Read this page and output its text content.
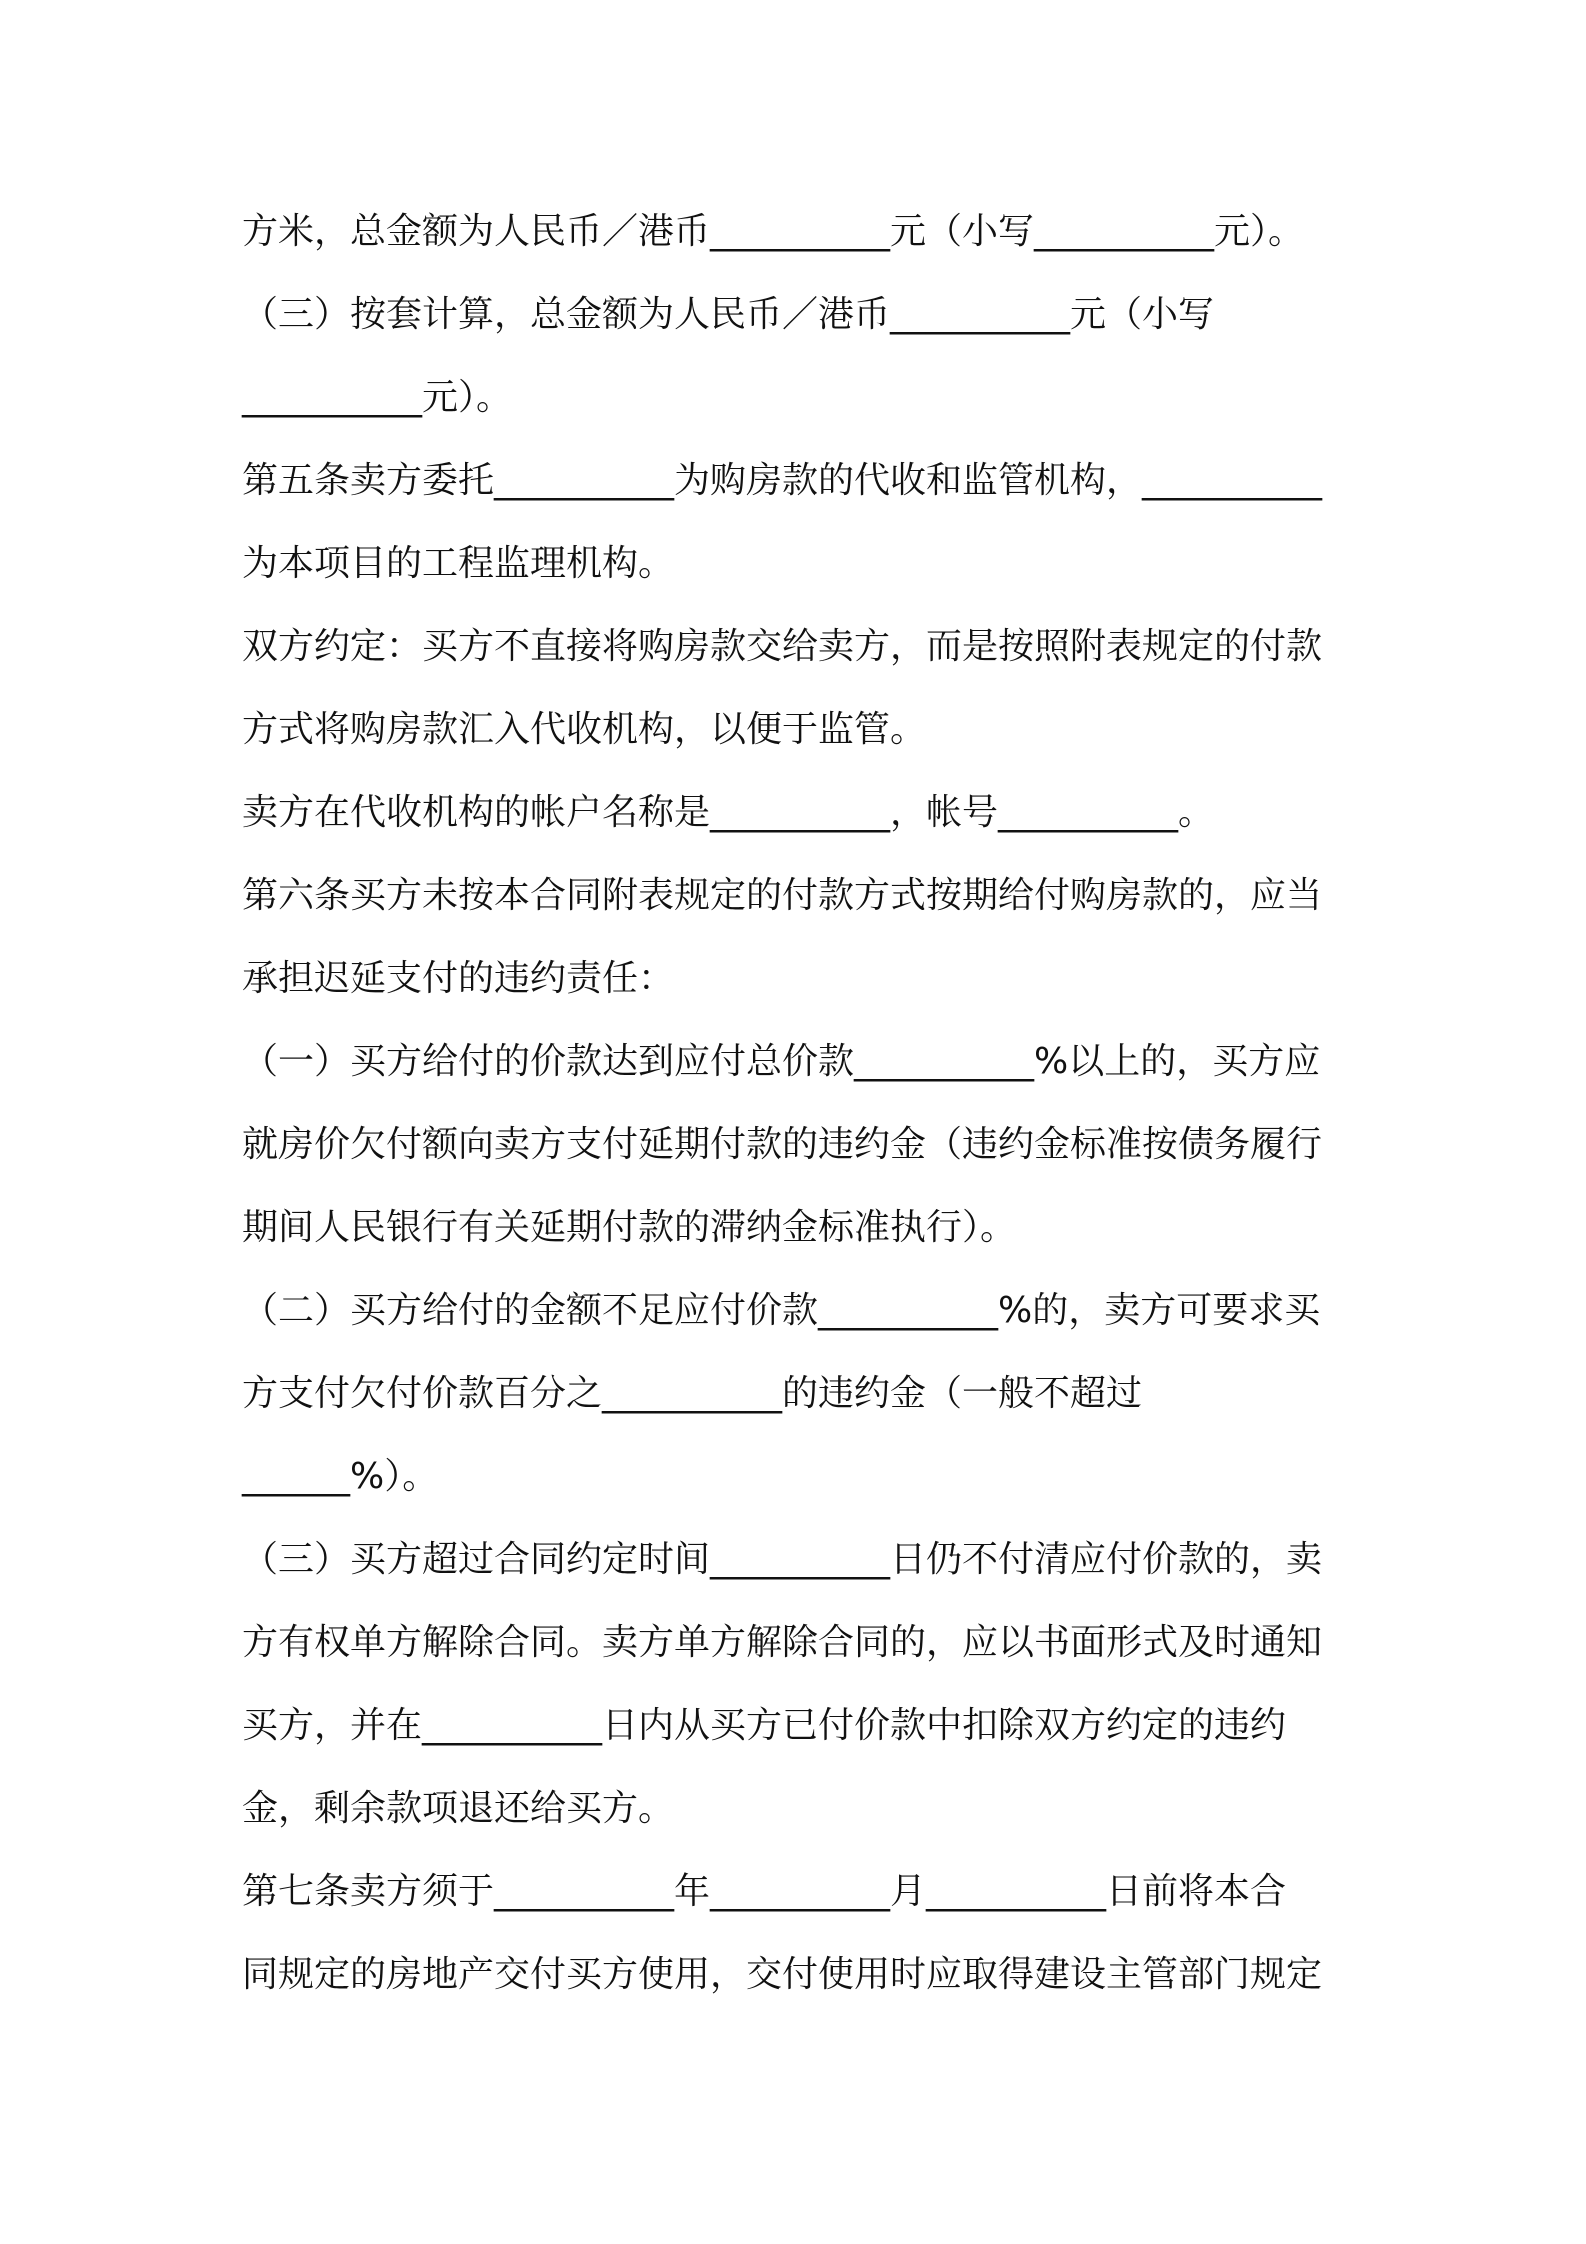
方米，总金额为人民币／港币__________元（小写__________元）。
（三）按套计算，总金额为人民币／港币__________元（小写
__________元）。
第五条卖方委托__________为购房款的代收和监管机构，__________
为本项目的工程监理机构。
双方约定：买方不直接将购房款交给卖方，而是按照附表规定的付款
方式将购房款汇入代收机构，以便于监管。
卖方在代收机构的帐户名称是__________，帐号__________。
第六条买方未按本合同附表规定的付款方式按期给付购房款的，应当
承担迟延支付的违约责任：
（一）买方给付的价款达到应付总价款__________%以上的，买方应
就房价欠付额向卖方支付延期付款的违约金（违约金标准按债务履行
期间人民银行有关延期付款的滞纳金标准执行）。
（二）买方给付的金额不足应付价款__________%的，卖方可要求买
方支付欠付价款百分之__________的违约金（一般不超过
______%）。
（三）买方超过合同约定时间__________日仍不付清应付价款的，卖
方有权单方解除合同。卖方单方解除合同的，应以书面形式及时通知
买方，并在__________日内从买方已付价款中扣除双方约定的违约
金，剩余款项退还给买方。
第七条卖方须于__________年__________月__________日前将本合
同规定的房地产交付买方使用，交付使用时应取得建设主管部门规定
